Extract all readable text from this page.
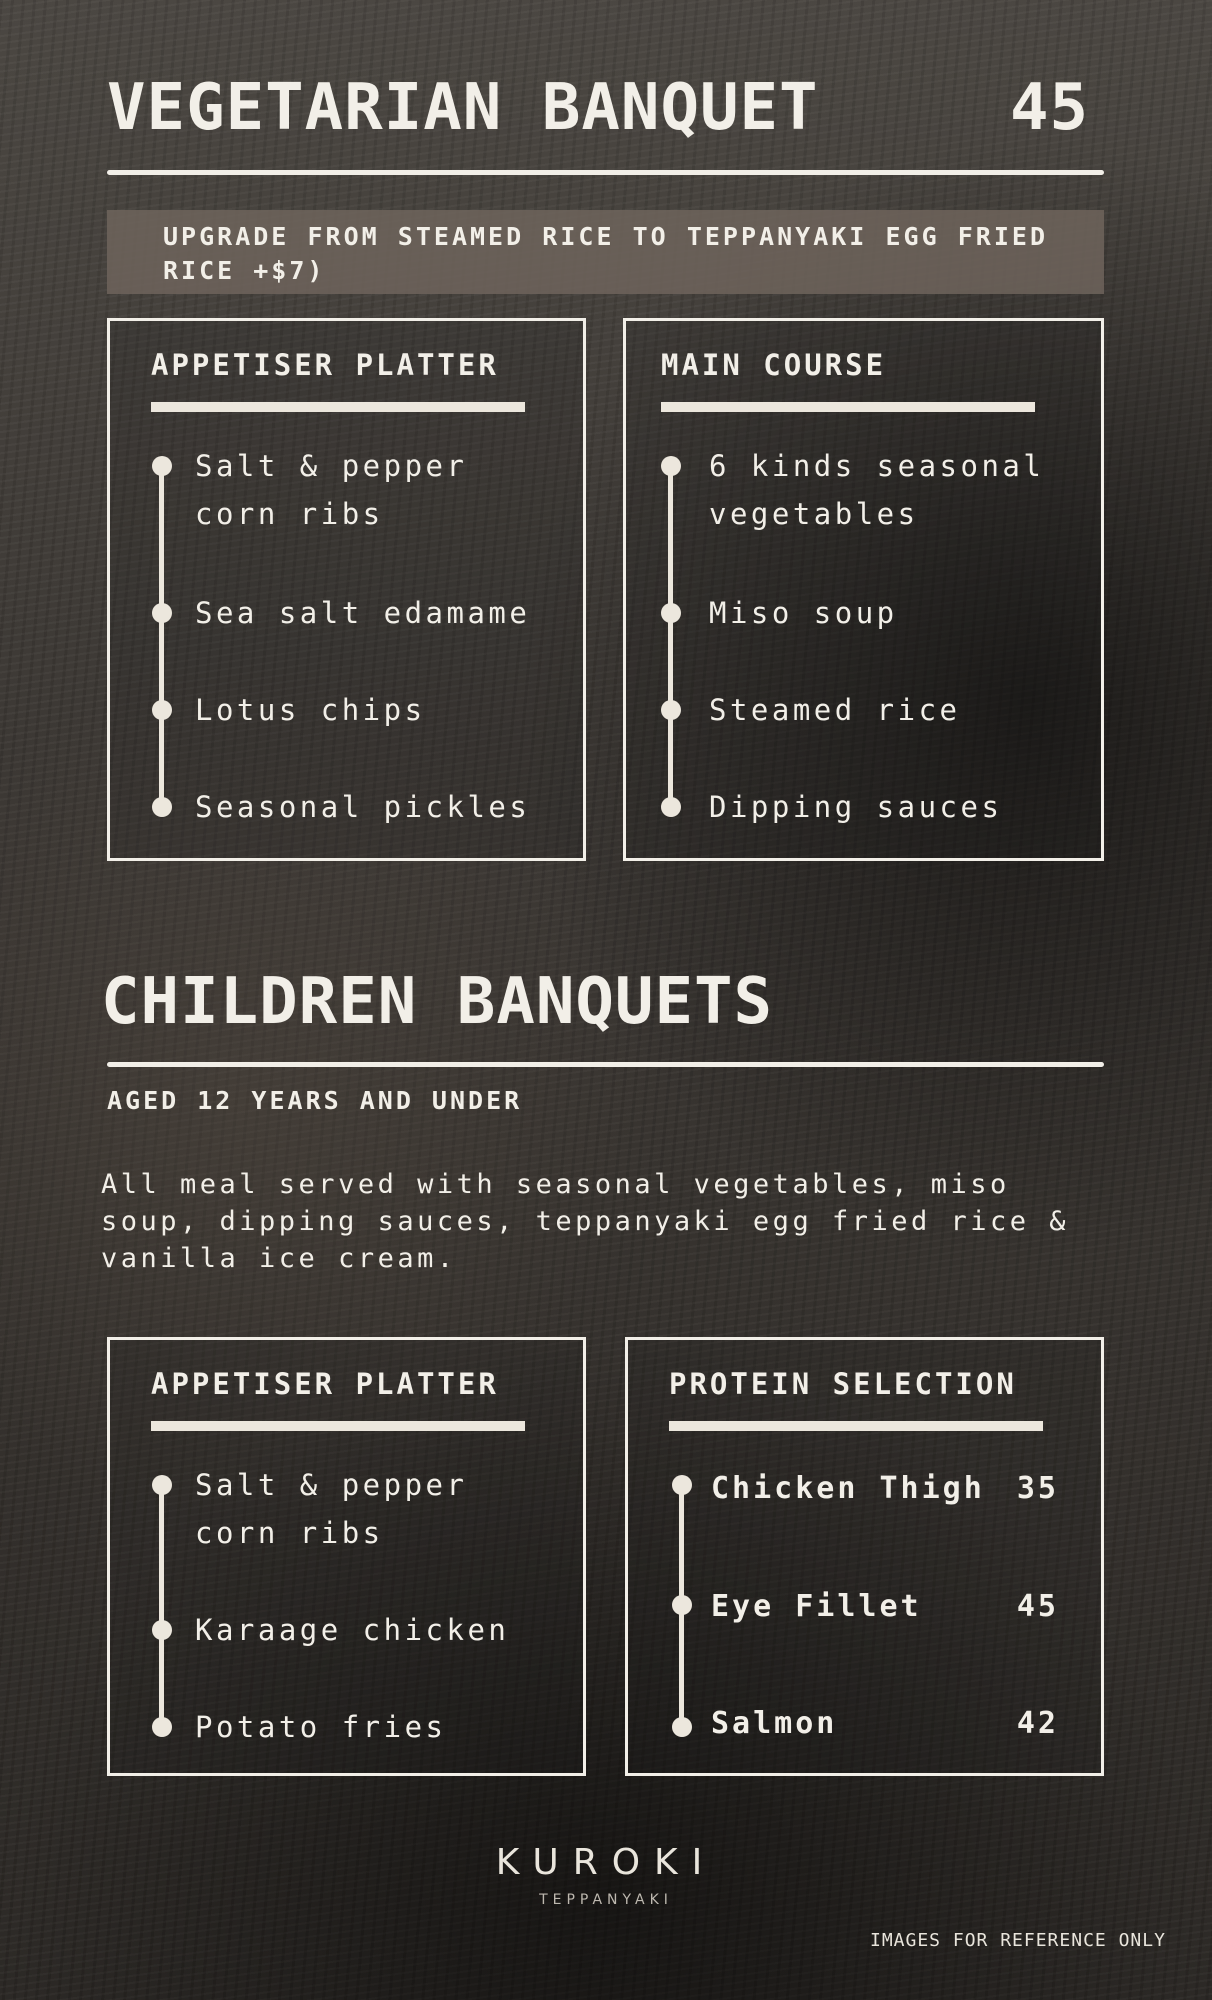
VEGETARIAN BANQUET	45
UPGRADE FROM STEAMED RICE TO TEPPANYAKI EGG FRIED RICE +$7)
APPETISER PLATTER
Salt & pepper corn ribs
Sea salt edamame
Lotus chips
Seasonal pickles
MAIN COURSE
6 kinds seasonal vegetables
Miso soup
Steamed rice
Dipping sauces
CHILDREN BANQUETS
AGED 12 YEARS AND UNDER
All meal served with seasonal vegetables, miso soup, dipping sauces, teppanyaki egg fried rice & vanilla ice cream.
APPETISER PLATTER
Salt & pepper corn ribs
Karaage chicken
Potato fries
PROTEIN SELECTION
Chicken Thigh 35
Eye Fillet	45
Salmon	42
KUROKI
TEPPANYAKI
IMAGES FOR REFERENCE ONLY
